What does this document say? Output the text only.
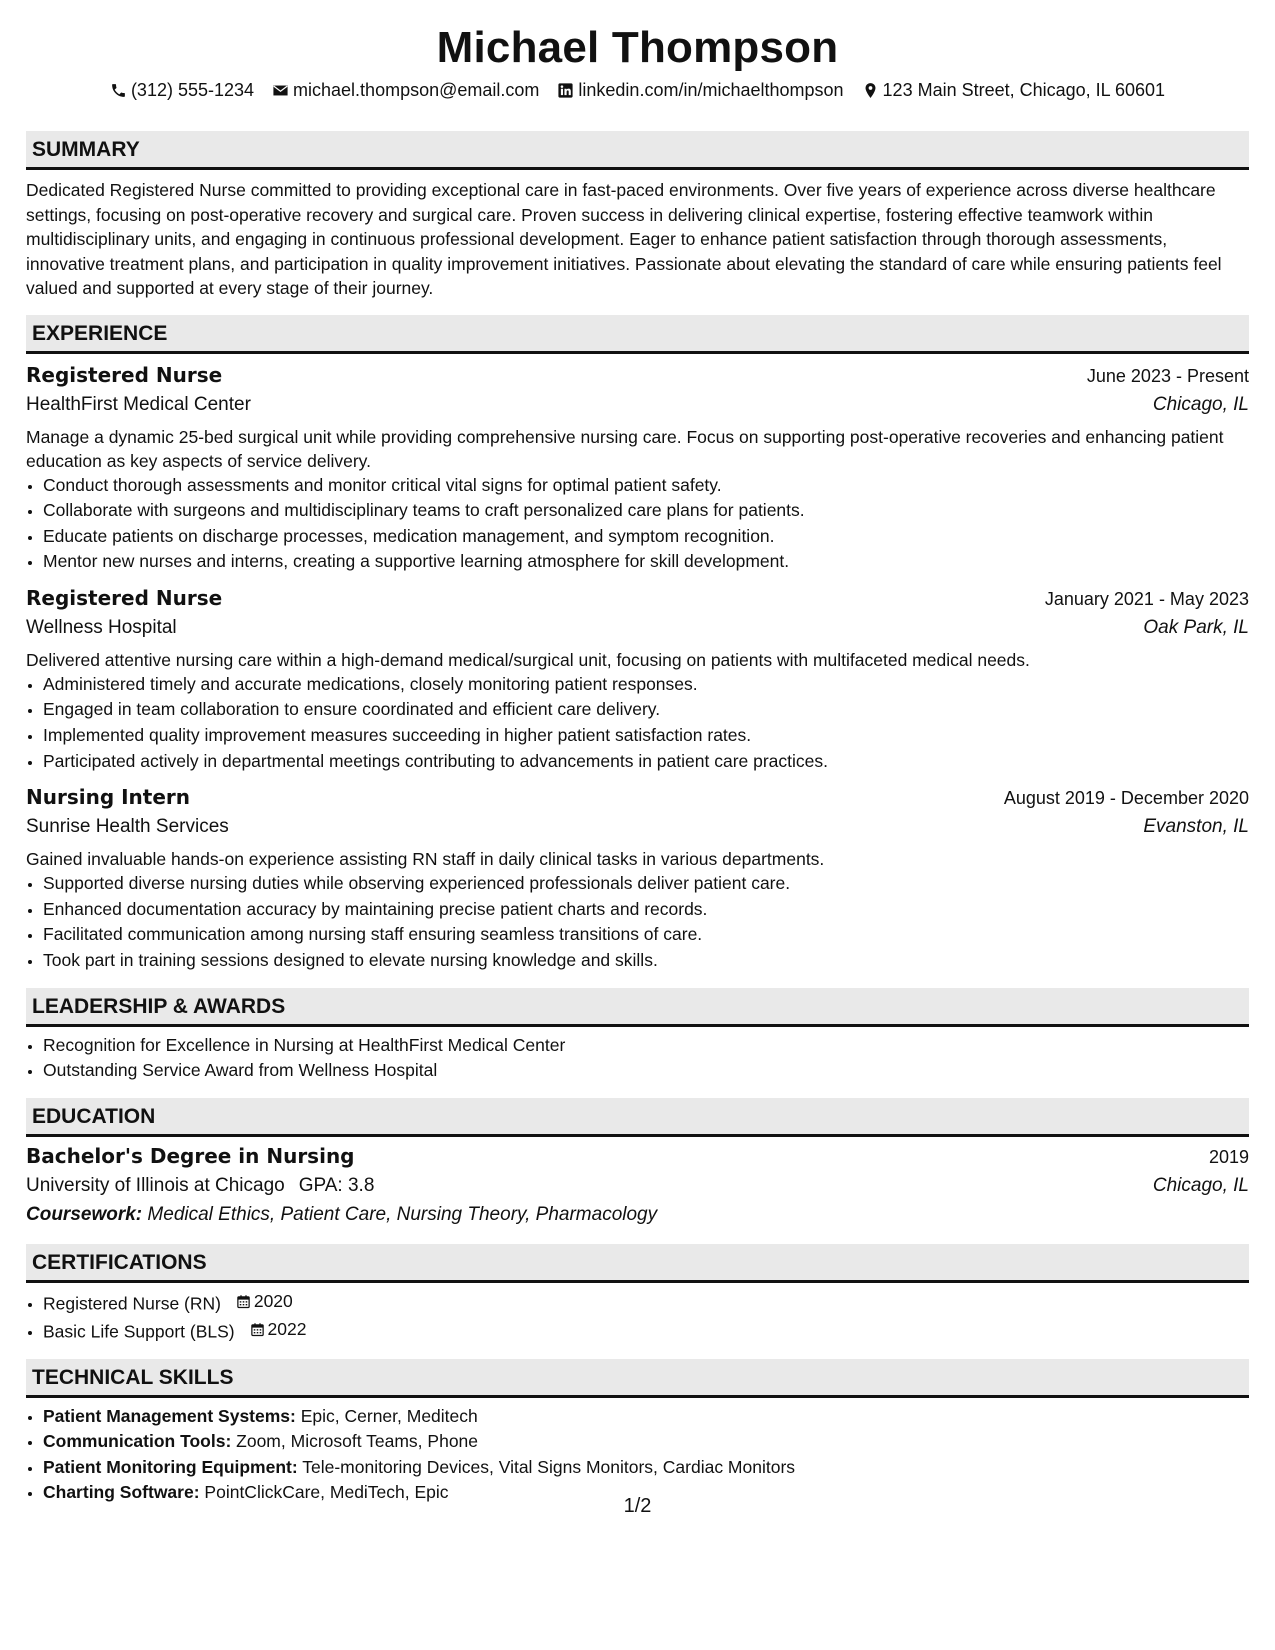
Michael Thompson
(312) 555-1234 michael.thompson@email.com linkedin.com/in/michaelthompson 123 Main Street, Chicago, IL 60601
SUMMARY

Dedicated Registered Nurse committed to providing exceptional care in fast-paced environments. Over five years of experience across diverse healthcare settings, focusing on post-operative recovery and surgical care. Proven success in delivering clinical expertise, fostering effective teamwork within multidisciplinary units, and engaging in continuous professional development. Eager to enhance patient satisfaction through thorough assessments, innovative treatment plans, and participation in quality improvement initiatives. Passionate about elevating the standard of care while ensuring patients feel valued and supported at every stage of their journey.

EXPERIENCE
Registered Nurse	June 2023 - Present
HealthFirst Medical Center	Chicago, IL

Manage a dynamic 25-bed surgical unit while providing comprehensive nursing care. Focus on supporting post-operative recoveries and enhancing patient education as key aspects of service delivery.

• Conduct thorough assessments and monitor critical vital signs for optimal patient safety.
• Collaborate with surgeons and multidisciplinary teams to craft personalized care plans for patients.
• Educate patients on discharge processes, medication management, and symptom recognition.
• Mentor new nurses and interns, creating a supportive learning atmosphere for skill development.
Registered Nurse	January 2021 - May 2023
Wellness Hospital	Oak Park, IL

Delivered attentive nursing care within a high-demand medical/surgical unit, focusing on patients with multifaceted medical needs.

• Administered timely and accurate medications, closely monitoring patient responses.
• Engaged in team collaboration to ensure coordinated and efficient care delivery.
• Implemented quality improvement measures succeeding in higher patient satisfaction rates.
• Participated actively in departmental meetings contributing to advancements in patient care practices.
Nursing Intern	August 2019 - December 2020
Sunrise Health Services	Evanston, IL

Gained invaluable hands-on experience assisting RN staff in daily clinical tasks in various departments.

• Supported diverse nursing duties while observing experienced professionals deliver patient care.
• Enhanced documentation accuracy by maintaining precise patient charts and records.
• Facilitated communication among nursing staff ensuring seamless transitions of care.
• Took part in training sessions designed to elevate nursing knowledge and skills.
LEADERSHIP & AWARDS
• Recognition for Excellence in Nursing at HealthFirst Medical Center
• Outstanding Service Award from Wellness Hospital
EDUCATION
Bachelor's Degree in Nursing	2019
University of Illinois at Chicago GPA: 3.8	Chicago, IL
Coursework: Medical Ethics, Patient Care, Nursing Theory, Pharmacology
CERTIFICATIONS
• Registered Nurse (RN) 2020
• Basic Life Support (BLS) 2022
TECHNICAL SKILLS
• Patient Management Systems: Epic, Cerner, Meditech
• Communication Tools: Zoom, Microsoft Teams, Phone
• Patient Monitoring Equipment: Tele-monitoring Devices, Vital Signs Monitors, Cardiac Monitors
• Charting Software: PointClickCare, MediTech, Epic
1/2
